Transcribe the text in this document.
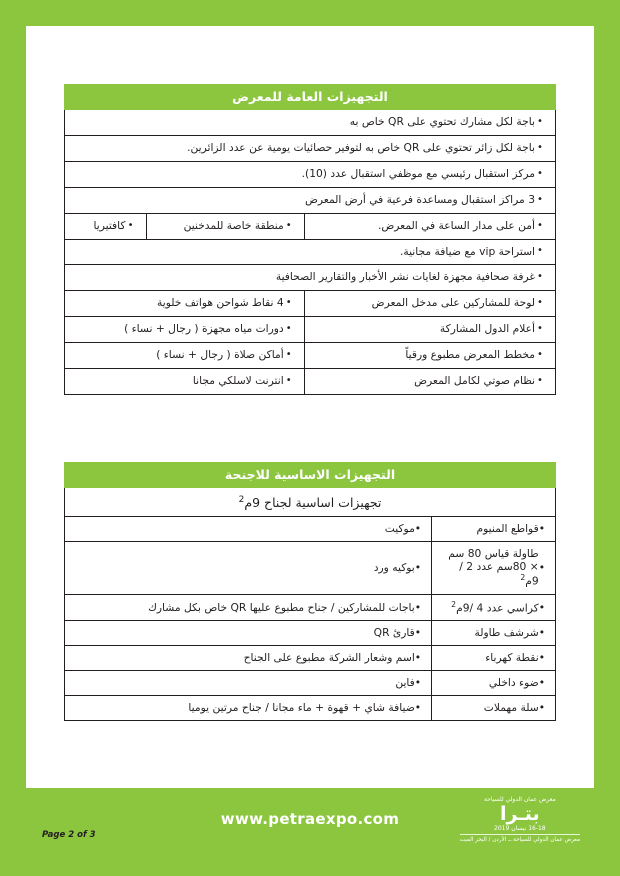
التجهيزات العامة للمعرض
•
باجة لكل مشارك تحتوي على QR خاص به
•
باجة لكل زائر تحتوي على QR خاص به لتوفير حصائيات يومية عن عدد الزائرين.
•
مركز استقبال رئيسي مع موظفي استقبال عدد (10).
•
3 مراكز استقبال ومساعدة فرعية في أرض المعرض
•
أمن على مدار الساعة في المعرض.
•
منطقة خاصة للمدخنين
•
كافتيريا
•
استراحة vip مع ضيافة مجانية.
•
غرفة صحافية مجهزة لغايات نشر الأخبار والتقارير الصحافية
•
لوحة للمشاركين على مدخل المعرض
•
4 نقاط شواحن هواتف خلوية
•
أعلام الدول المشاركة
•
دورات مياه مجهزة ( رجال + نساء )
•
مخطط المعرض مطبوع ورقياً
•
أماكن صلاة ( رجال + نساء )
•
نظام صوتي لكامل المعرض
•
انترنت لاسلكي مجانا
التجهيزات الاساسية للاجنحة
تجهيزات اساسية لجناح 9م$^2$
•
قواطع المنيوم
•
موكيت
•
طاولة قياس 80 سم × 80سم عدد 2 / 9م$^2$
•
بوكيه ورد
•
كراسي عدد 4 /9م$^2$
•
باجات للمشاركين / جناح مطبوع عليها QR خاص بكل مشارك
•
شرشف طاولة
•
قارئ QR
•
نقطة كهرباء
•
اسم وشعار الشركة مطبوع على الجناح
•
ضوء داخلي
•
فاين
•
سلة مهملات
•
ضيافة شاي + قهوة + ماء مجانا / جناح مرتين يوميا
Page 2 of 3
www.petraexpo.com
معرض عمان الدولي للسياحة
بتـرا
16-18 نيسان 2019
معرض عمان الدولي للسياحة ــ الأردن / البحر الميت
